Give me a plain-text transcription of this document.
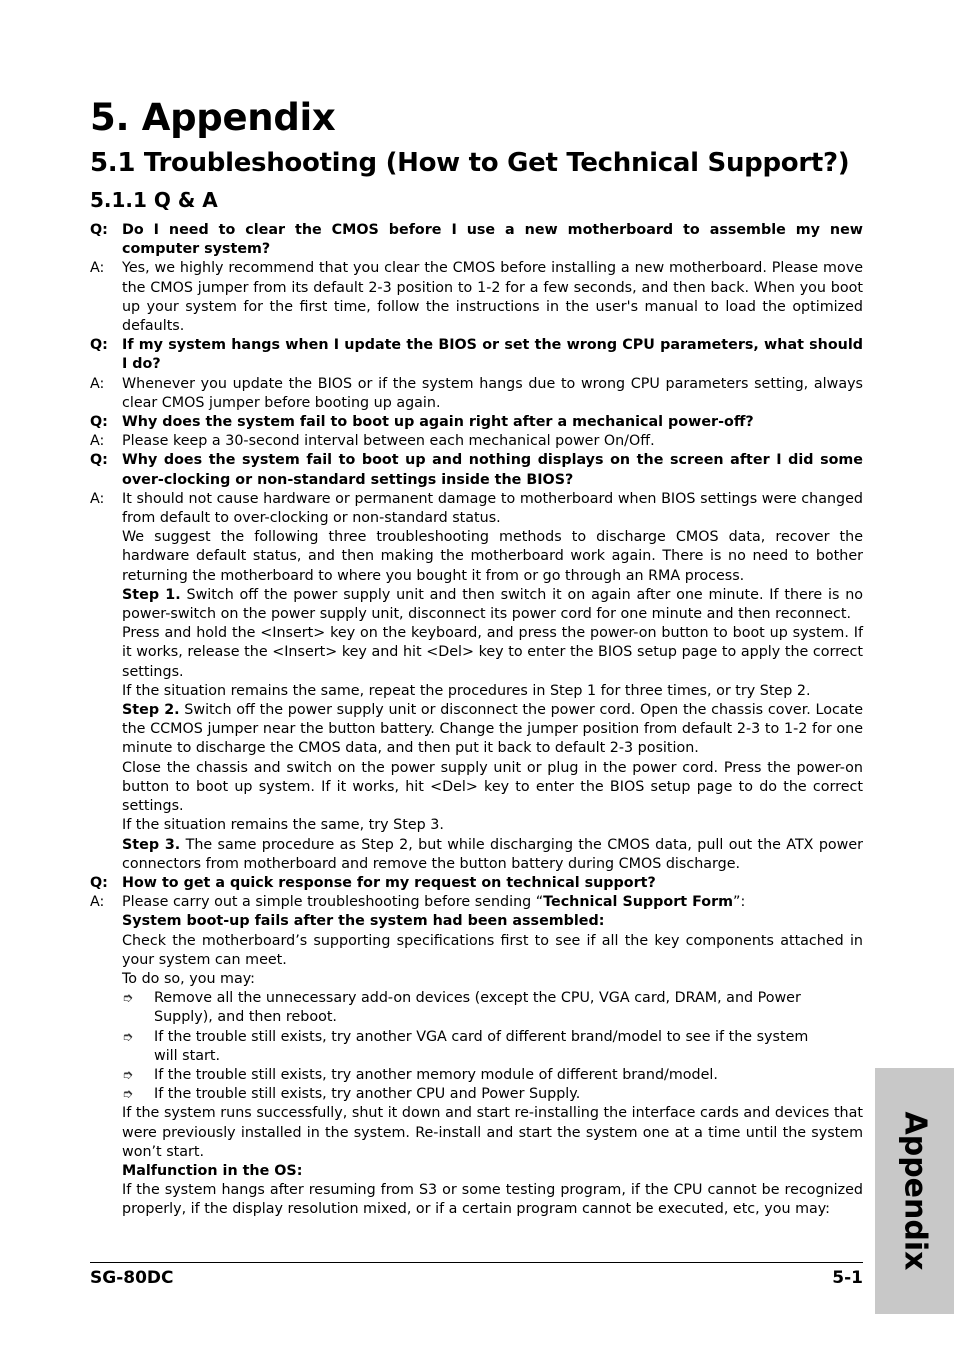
5. Appendix
5.1 Troubleshooting (How to Get Technical Support?)
5.1.1 Q & A
Q: Do I need to clear the CMOS before I use a new motherboard to assemble my new computer system?
A:	Yes, we highly recommend that you clear the CMOS before installing a new motherboard. Please move the CMOS jumper from its default 2-3 position to 1-2 for a few seconds, and then back. When you boot up your system for the first time, follow the instructions in the user's manual to load the optimized defaults.
Q: If my system hangs when I update the BIOS or set the wrong CPU parameters, what should I do?
A:	Whenever you update the BIOS or if the system hangs due to wrong CPU parameters setting, always clear CMOS jumper before booting up again.
Q: Why does the system fail to boot up again right after a mechanical power-off?
A:	Please keep a 30-second interval between each mechanical power On/Off.
Q: Why does the system fail to boot up and nothing displays on the screen after I did some over-clocking or non-standard settings inside the BIOS?
A:	It should not cause hardware or permanent damage to motherboard when BIOS settings were changed from default to over-clocking or non-standard status.
We suggest the following three troubleshooting methods to discharge CMOS data, recover the hardware default status, and then making the motherboard work again. There is no need to bother returning the motherboard to where you bought it from or go through an RMA process.
Step 1. Switch off the power supply unit and then switch it on again after one minute. If there is no power-switch on the power supply unit, disconnect its power cord for one minute and then reconnect.
Press and hold the <Insert> key on the keyboard, and press the power-on button to boot up system. If it works, release the <Insert> key and hit <Del> key to enter the BIOS setup page to apply the correct settings.
If the situation remains the same, repeat the procedures in Step 1 for three times, or try Step 2.
Step 2. Switch off the power supply unit or disconnect the power cord. Open the chassis cover. Locate the CCMOS jumper near the button battery. Change the jumper position from default 2-3 to 1-2 for one minute to discharge the CMOS data, and then put it back to default 2-3 position.
Close the chassis and switch on the power supply unit or plug in the power cord. Press the power-on button to boot up system. If it works, hit <Del> key to enter the BIOS setup page to do the correct settings.
If the situation remains the same, try Step 3.
Step 3. The same procedure as Step 2, but while discharging the CMOS data, pull out the ATX power connectors from motherboard and remove the button battery during CMOS discharge.
Q: How to get a quick response for my request on technical support?
A:	Please carry out a simple troubleshooting before sending “Technical Support Form”:
System boot-up fails after the system had been assembled:
Check the motherboard’s supporting specifications first to see if all the key components attached in your system can meet.
To do so, you may:
➮	Remove all the unnecessary add-on devices (except the CPU, VGA card, DRAM, and Power Supply), and then reboot.
➮	If the trouble still exists, try another VGA card of different brand/model to see if the system will start.
➮	If the trouble still exists, try another memory module of different brand/model.
➮	If the trouble still exists, try another CPU and Power Supply.
If the system runs successfully, shut it down and start re-installing the interface cards and devices that were previously installed in the system. Re-install and start the system one at a time until the system won’t start.
Malfunction in the OS:
If the system hangs after resuming from S3 or some testing program, if the CPU cannot be recognized properly, if the display resolution mixed, or if a certain program cannot be executed, etc, you may:
SG-80DC	5-1
Appendix
